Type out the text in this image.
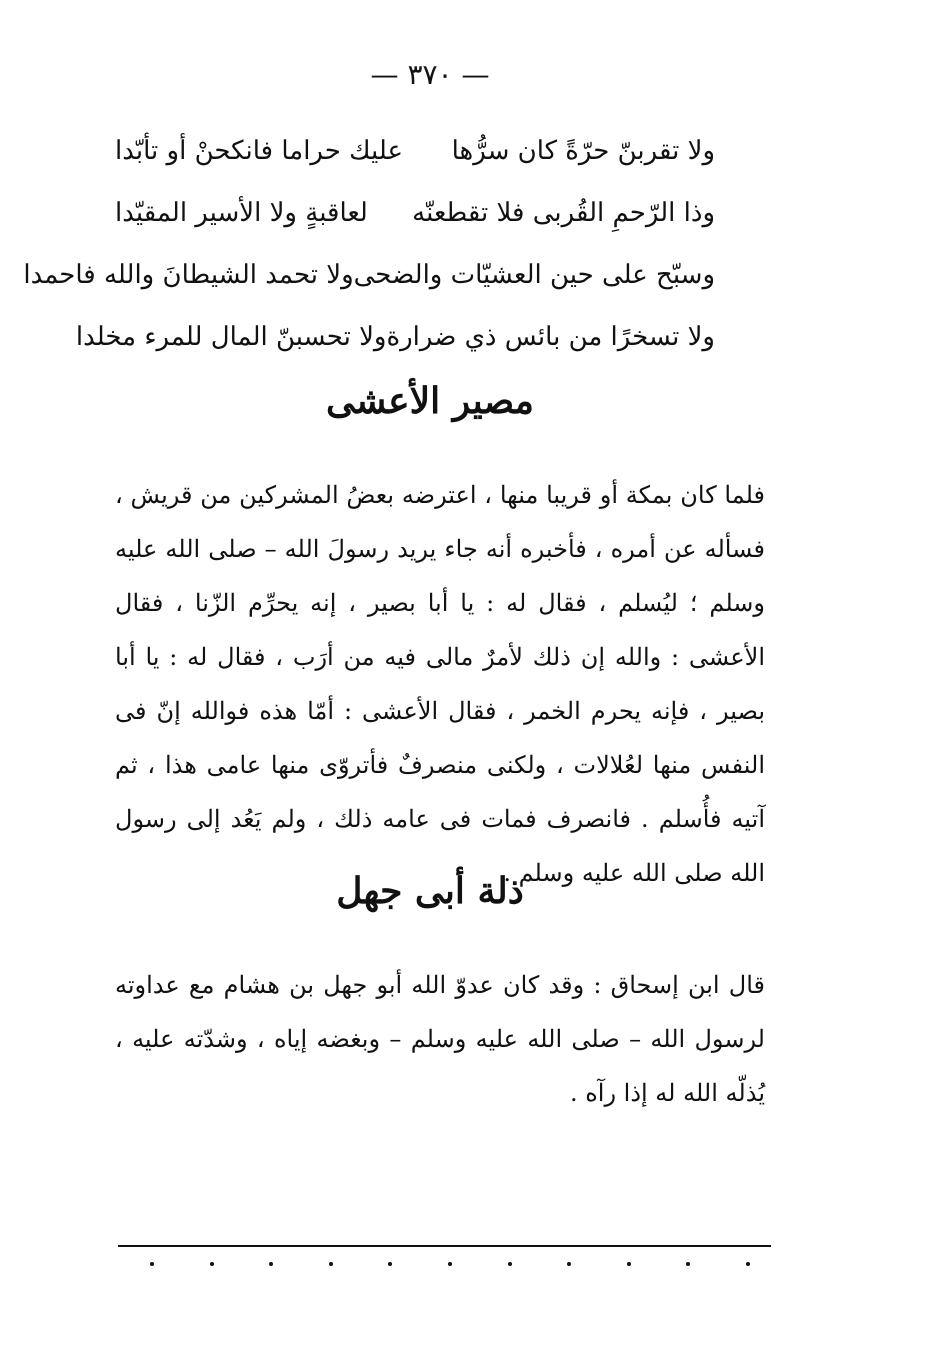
— ٣٧٠ —
ولا تقربنّ حرّةً كان سرُّها
عليك حراما فانكحنْ أو تأبّدا
وذا الرّحمِ القُربى فلا تقطعنّه
لعاقبةٍ ولا الأسير المقيّدا
وسبّح على حين العشيّات والضحى
ولا تحمد الشيطانَ والله فاحمدا
ولا تسخرًا من بائس ذي ضرارة
ولا تحسبنّ المال للمرء مخلدا
مصير الأعشى

فلما كان بمكة أو قريبا منها ، اعترضه بعضُ المشركين من قريش ، فسأله عن أمره ، فأخبره أنه جاء يريد رسولَ الله – صلى الله عليه وسلم ؛ ليُسلم ، فقال له : يا أبا بصير ، إنه يحرِّم الزّنا ، فقال الأعشى : والله إن ذلك لأمرٌ مالى فيه من أرَب ، فقال له : يا أبا بصير ، فإنه يحرم الخمر ، فقال الأعشى : أمّا هذه فوالله إنّ فى النفس منها لعُلالات ، ولكنى منصرفٌ فأتروّى منها عامى هذا ، ثم آتيه فأُسلم . فانصرف فمات فى عامه ذلك ، ولم يَعُد إلى رسول الله صلى الله عليه وسلم .

ذلة أبى جهل

قال ابن إسحاق : وقد كان عدوّ الله أبو جهل بن هشام مع عداوته لرسول الله – صلى الله عليه وسلم – وبغضه إياه ، وشدّته عليه ، يُذلّه الله له إذا رآه .
